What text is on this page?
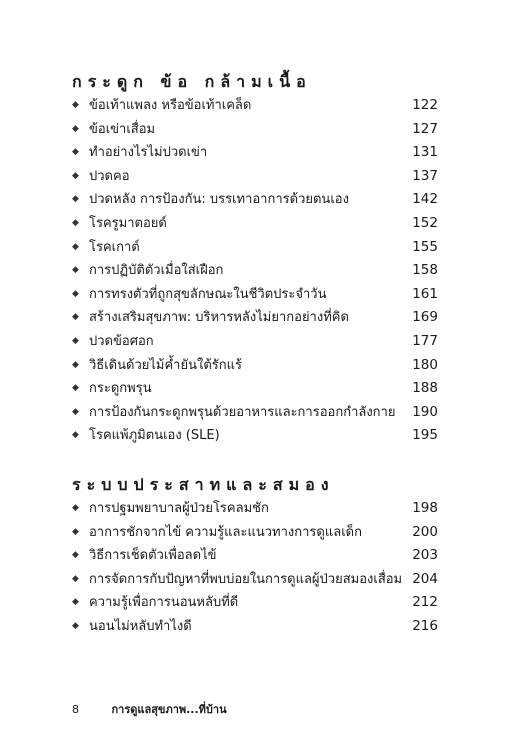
กระดูก ข้อ กล้ามเนื้อ
◆ ข้อเท้าแพลง หรือข้อเท้าเคล็ด	122
◆ ข้อเข่าเสื่อม	127
◆ ทำอย่างไรไม่ปวดเข่า	131
◆ ปวดคอ	137
◆ ปวดหลัง การป้องกัน: บรรเทาอาการด้วยตนเอง	142
◆ โรครูมาตอยด์	152
◆ โรคเกาต์	155
◆ การปฏิบัติตัวเมื่อใส่เฝือก	158
◆ การทรงตัวที่ถูกสุขลักษณะในชีวิตประจำวัน	161
◆ สร้างเสริมสุขภาพ: บริหารหลังไม่ยากอย่างที่คิด	169
◆ ปวดข้อศอก	177
◆ วิธีเดินด้วยไม้ค้ำยันใต้รักแร้	180
◆ กระดูกพรุน	188
◆ การป้องกันกระดูกพรุนด้วยอาหารและการออกกำลังกาย 190
◆ โรคแพ้ภูมิตนเอง (SLE)	195
ระบบประสาทและสมอง
◆ การปฐมพยาบาลผู้ป่วยโรคลมชัก	198
◆ อาการชักจากไข้ ความรู้และแนวทางการดูแลเด็ก	200
◆ วิธีการเช็ดตัวเพื่อลดไข้	203
◆ การจัดการกับปัญหาที่พบบ่อยในการดูแลผู้ป่วยสมองเสื่อม 204
◆ ความรู้เพื่อการนอนหลับที่ดี	212
◆ นอนไม่หลับทำไงดี	216
8	การดูแลสุขภาพ...ที่บ้าน
